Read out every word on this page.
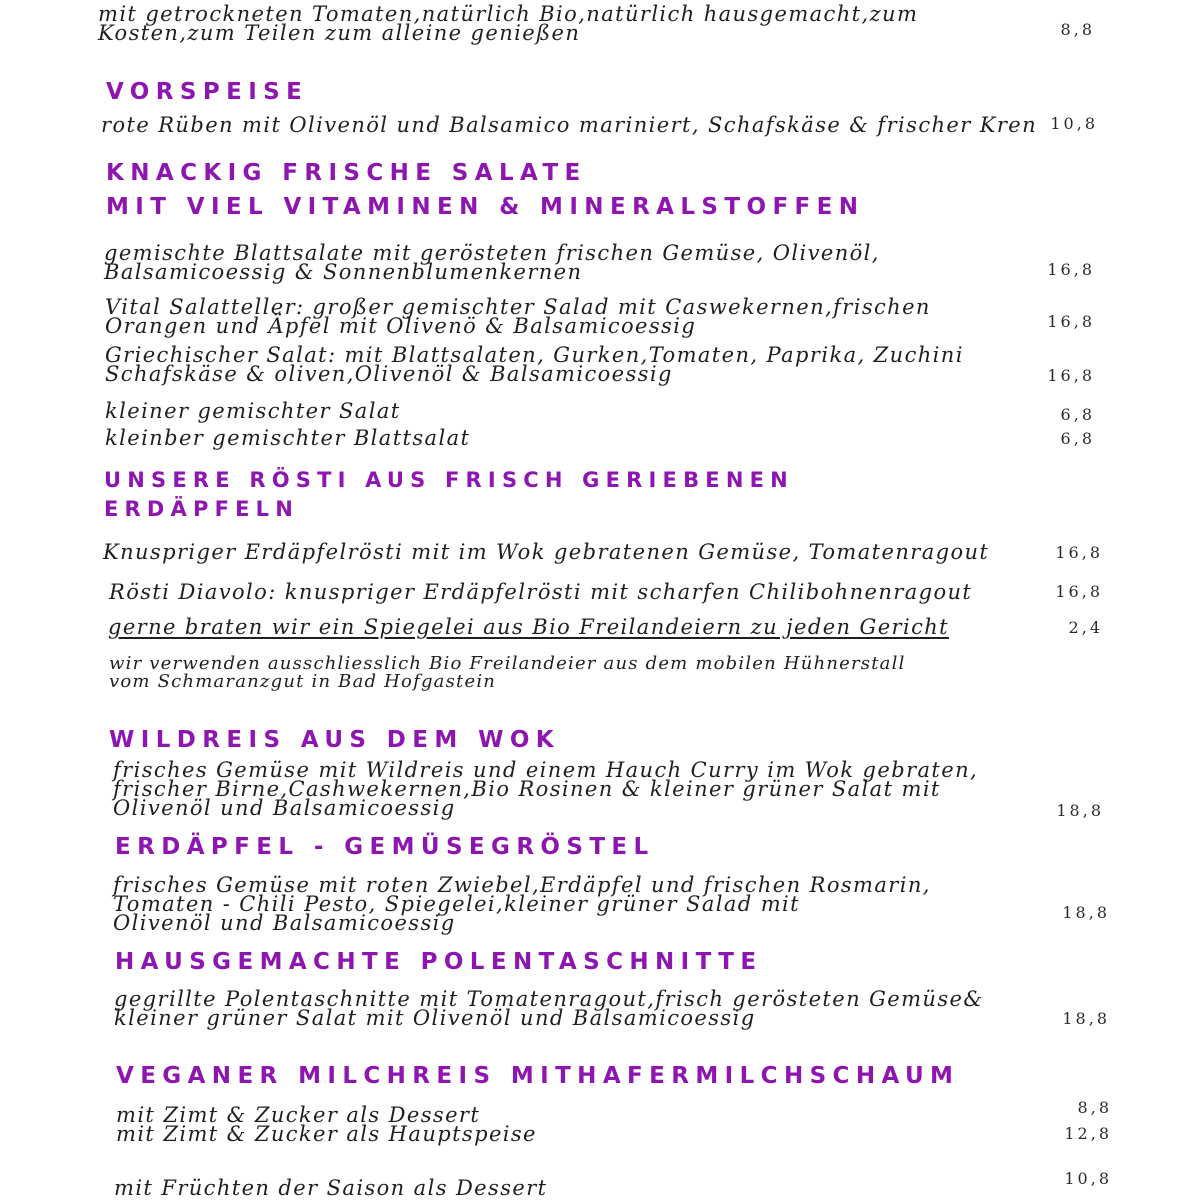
mit getrockneten Tomaten,natürlich Bio,natürlich hausgemacht,zum
Kosten,zum Teilen zum alleine genießen	8,8
VORSPEISE
rote Rüben mit Olivenöl und Balsamico mariniert, Schafskäse & frischer Kren 10,8
KNACKIG FRISCHE SALATE
MIT VIEL VITAMINEN & MINERALSTOFFEN
gemischte Blattsalate mit gerösteten frischen Gemüse, Olivenöl,
Balsamicoessig & Sonnenblumenkernen	16,8
Vital Salatteller: großer gemischter Salad mit Caswekernen,frischen
Orangen und Äpfel mit Olivenö & Balsamicoessig	16,8
Griechischer Salat: mit Blattsalaten, Gurken,Tomaten, Paprika, Zuchini
Schafskäse & oliven,Olivenöl & Balsamicoessig	16,8
kleiner gemischter Salat	6,8
kleinber gemischter Blattsalat	6,8
UNSERE RÖSTI AUS FRISCH GERIEBENEN
ERDÄPFELN
Knuspriger Erdäpfelrösti mit im Wok gebratenen Gemüse, Tomatenragout	16,8
Rösti Diavolo: knuspriger Erdäpfelrösti mit scharfen Chilibohnenragout	16,8
gerne braten wir ein Spiegelei aus Bio Freilandeiern zu jeden Gericht	2,4
wir verwenden ausschliesslich Bio Freilandeier aus dem mobilen Hühnerstall
vom Schmaranzgut in Bad Hofgastein
WILDREIS AUS DEM WOK
frisches Gemüse mit Wildreis und einem Hauch Curry im Wok gebraten,
frischer Birne,Cashwekernen,Bio Rosinen & kleiner grüner Salat mit
Olivenöl und Balsamicoessig	18,8
ERDÄPFEL - GEMÜSEGRÖSTEL
frisches Gemüse mit roten Zwiebel,Erdäpfel und frischen Rosmarin,
Tomaten - Chili Pesto, Spiegelei,kleiner grüner Salad mit
Olivenöl und Balsamicoessig	18,8
HAUSGEMACHTE POLENTASCHNITTE
gegrillte Polentaschnitte mit Tomatenragout,frisch gerösteten Gemüse&
kleiner grüner Salat mit Olivenöl und Balsamicoessig	18,8
VEGANER MILCHREIS MITHAFERMILCHSCHAUM
mit Zimt & Zucker als Dessert	8,8
mit Zimt & Zucker als Hauptspeise	12,8
mit Früchten der Saison als Dessert	10,8
